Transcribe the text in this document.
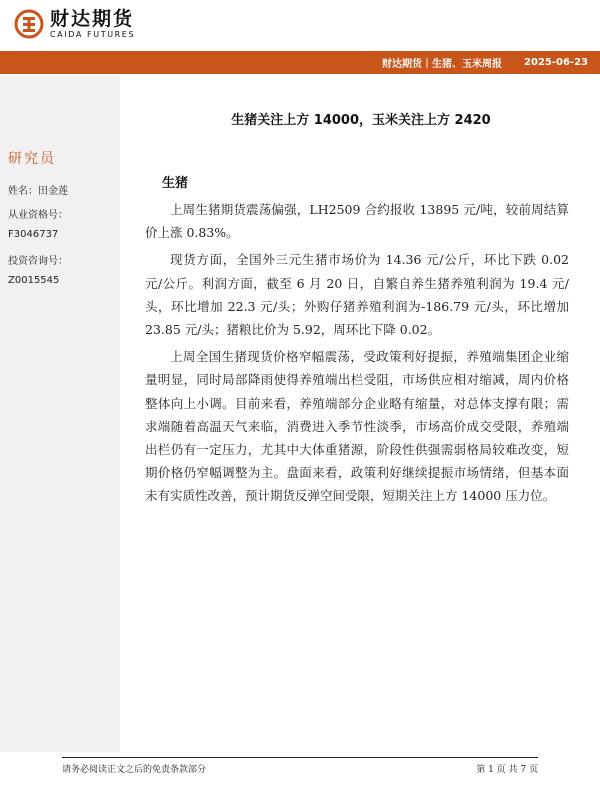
财达期货
CAIDA FUTURES
财达期货｜生猪、玉米周报 2025-06-23
研究员
姓名：田金莲
从业资格号：
F3046737
投资咨询号：
Z0015545
生猪关注上方 14000，玉米关注上方 2420
生猪

上周生猪期货震荡偏强，LH2509 合约报收 13895 元/吨，较前周结算价上涨 0.83%。

现货方面，全国外三元生猪市场价为 14.36 元/公斤，环比下跌 0.02 元/公斤。利润方面，截至 6 月 20 日，自繁自养生猪养殖利润为 19.4 元/头，环比增加 22.3 元/头；外购仔猪养殖利润为-186.79 元/头，环比增加 23.85 元/头；猪粮比价为 5.92，周环比下降 0.02。

上周全国生猪现货价格窄幅震荡，受政策利好提振，养殖端集团企业缩量明显，同时局部降雨使得养殖端出栏受阻，市场供应相对缩减，周内价格整体向上小调。目前来看，养殖端部分企业略有缩量，对总体支撑有限；需求端随着高温天气来临，消费进入季节性淡季，市场高价成交受限，养殖端出栏仍有一定压力，尤其中大体重猪源，阶段性供强需弱格局较难改变，短期价格仍窄幅调整为主。盘面来看，政策利好继续提振市场情绪，但基本面未有实质性改善，预计期货反弹空间受限，短期关注上方 14000 压力位。

请务必阅读正文之后的免责条款部分	第 1 页 共 7 页
